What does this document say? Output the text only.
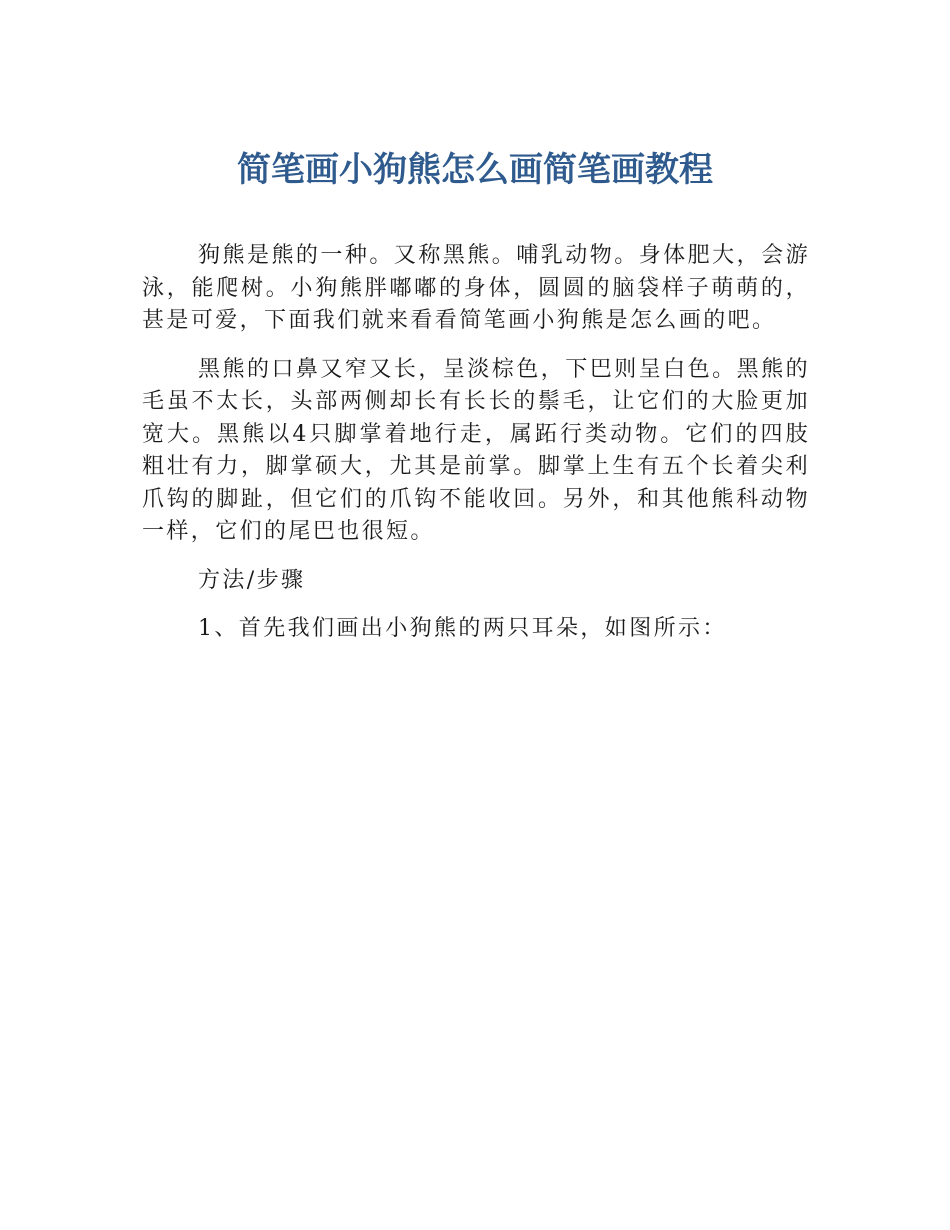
简笔画小狗熊怎么画简笔画教程

狗熊是熊的一种。又称黑熊。哺乳动物。身体肥大，会游泳，能爬树。小狗熊胖嘟嘟的身体，圆圆的脑袋样子萌萌的，甚是可爱，下面我们就来看看简笔画小狗熊是怎么画的吧。

黑熊的口鼻又窄又长，呈淡棕色，下巴则呈白色。黑熊的毛虽不太长，头部两侧却长有长长的鬃毛，让它们的大脸更加宽大。黑熊以4只脚掌着地行走，属跖行类动物。它们的四肢粗壮有力，脚掌硕大，尤其是前掌。脚掌上生有五个长着尖利爪钩的脚趾，但它们的爪钩不能收回。另外，和其他熊科动物一样，它们的尾巴也很短。

方法/步骤

1、首先我们画出小狗熊的两只耳朵，如图所示：
